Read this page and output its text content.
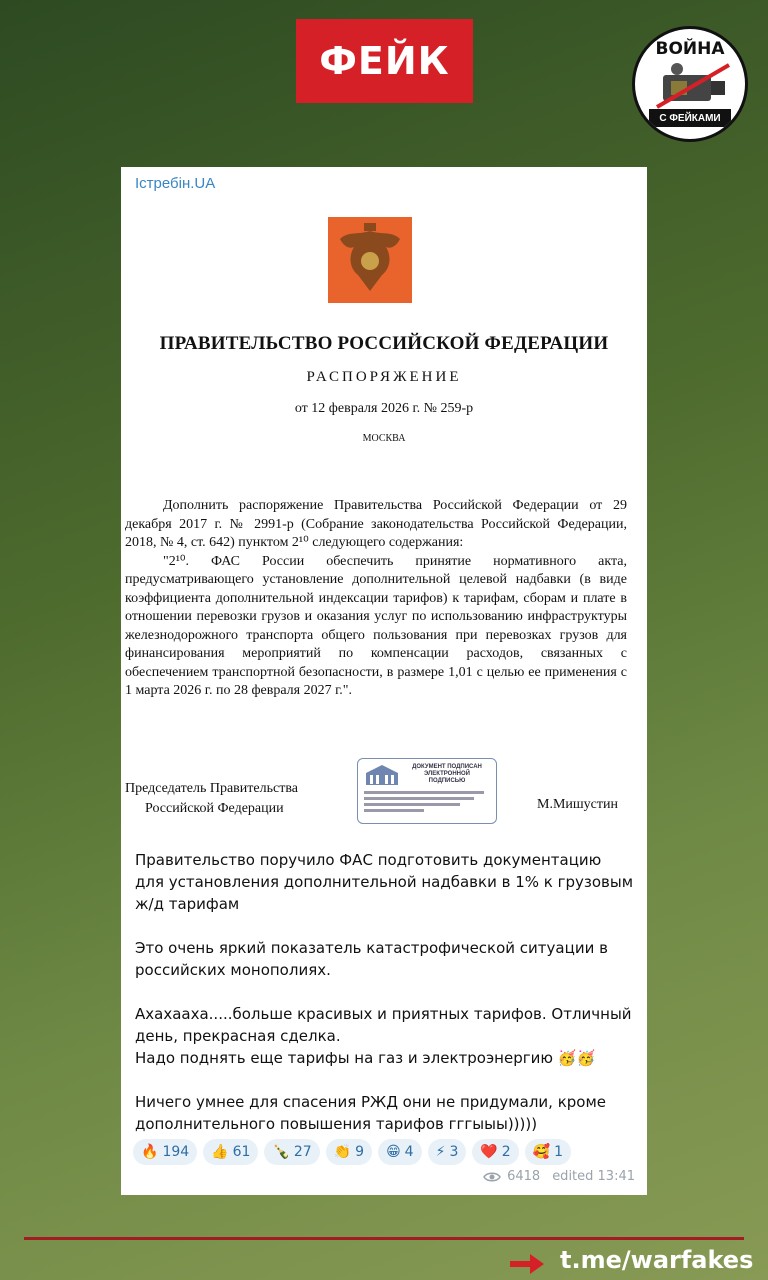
ФЕЙК	ВОЙНА
С ФЕЙКАМИ
Істребін.UA
ПРАВИТЕЛЬСТВО РОССИЙСКОЙ ФЕДЕРАЦИИ
РАСПОРЯЖЕНИЕ
от 12 февраля 2026 г. № 259-р
МОСКВА

Дополнить распоряжение Правительства Российской Федерации от 29 декабря 2017 г. № 2991-р (Собрание законодательства Российской Федерации, 2018, № 4, ст. 642) пунктом 2¹⁰ следующего содержания:

"2¹⁰. ФАС России обеспечить принятие нормативного акта, предусматривающего установление дополнительной целевой надбавки (в виде коэффициента дополнительной индексации тарифов) к тарифам, сборам и плате в отношении перевозки грузов и оказания услуг по использованию инфраструктуры железнодорожного транспорта общего пользования при перевозках грузов для финансирования мероприятий по компенсации расходов, связанных с обеспечением транспортной безопасности, в размере 1,01 с целью ее применения с 1 марта 2026 г. по 28 февраля 2027 г.".

Председатель Правительства
Российской Федерации
ДОКУМЕНТ ПОДПИСАН ЭЛЕКТРОННОЙ ПОДПИСЬЮ
М.Мишустин

Правительство поручило ФАС подготовить документацию для установления дополнительной надбавки в 1% к грузовым ж/д тарифам

Это очень яркий показатель катастрофической ситуации в российских монополиях.

Ахахааха.....больше красивых и приятных тарифов. Отличный день, прекрасная сделка.
Надо поднять еще тарифы на газ и электроэнергию 🥳🥳

Ничего умнее для спасения РЖД они не придумали, кроме дополнительного повышения тарифов гггыыы)))))

🔥 194 👍 61 🍾 27 👏 9 😁 4 ⚡ 3 ❤️ 2 🥰 1
6418 edited 13:41
t.me/warfakes
